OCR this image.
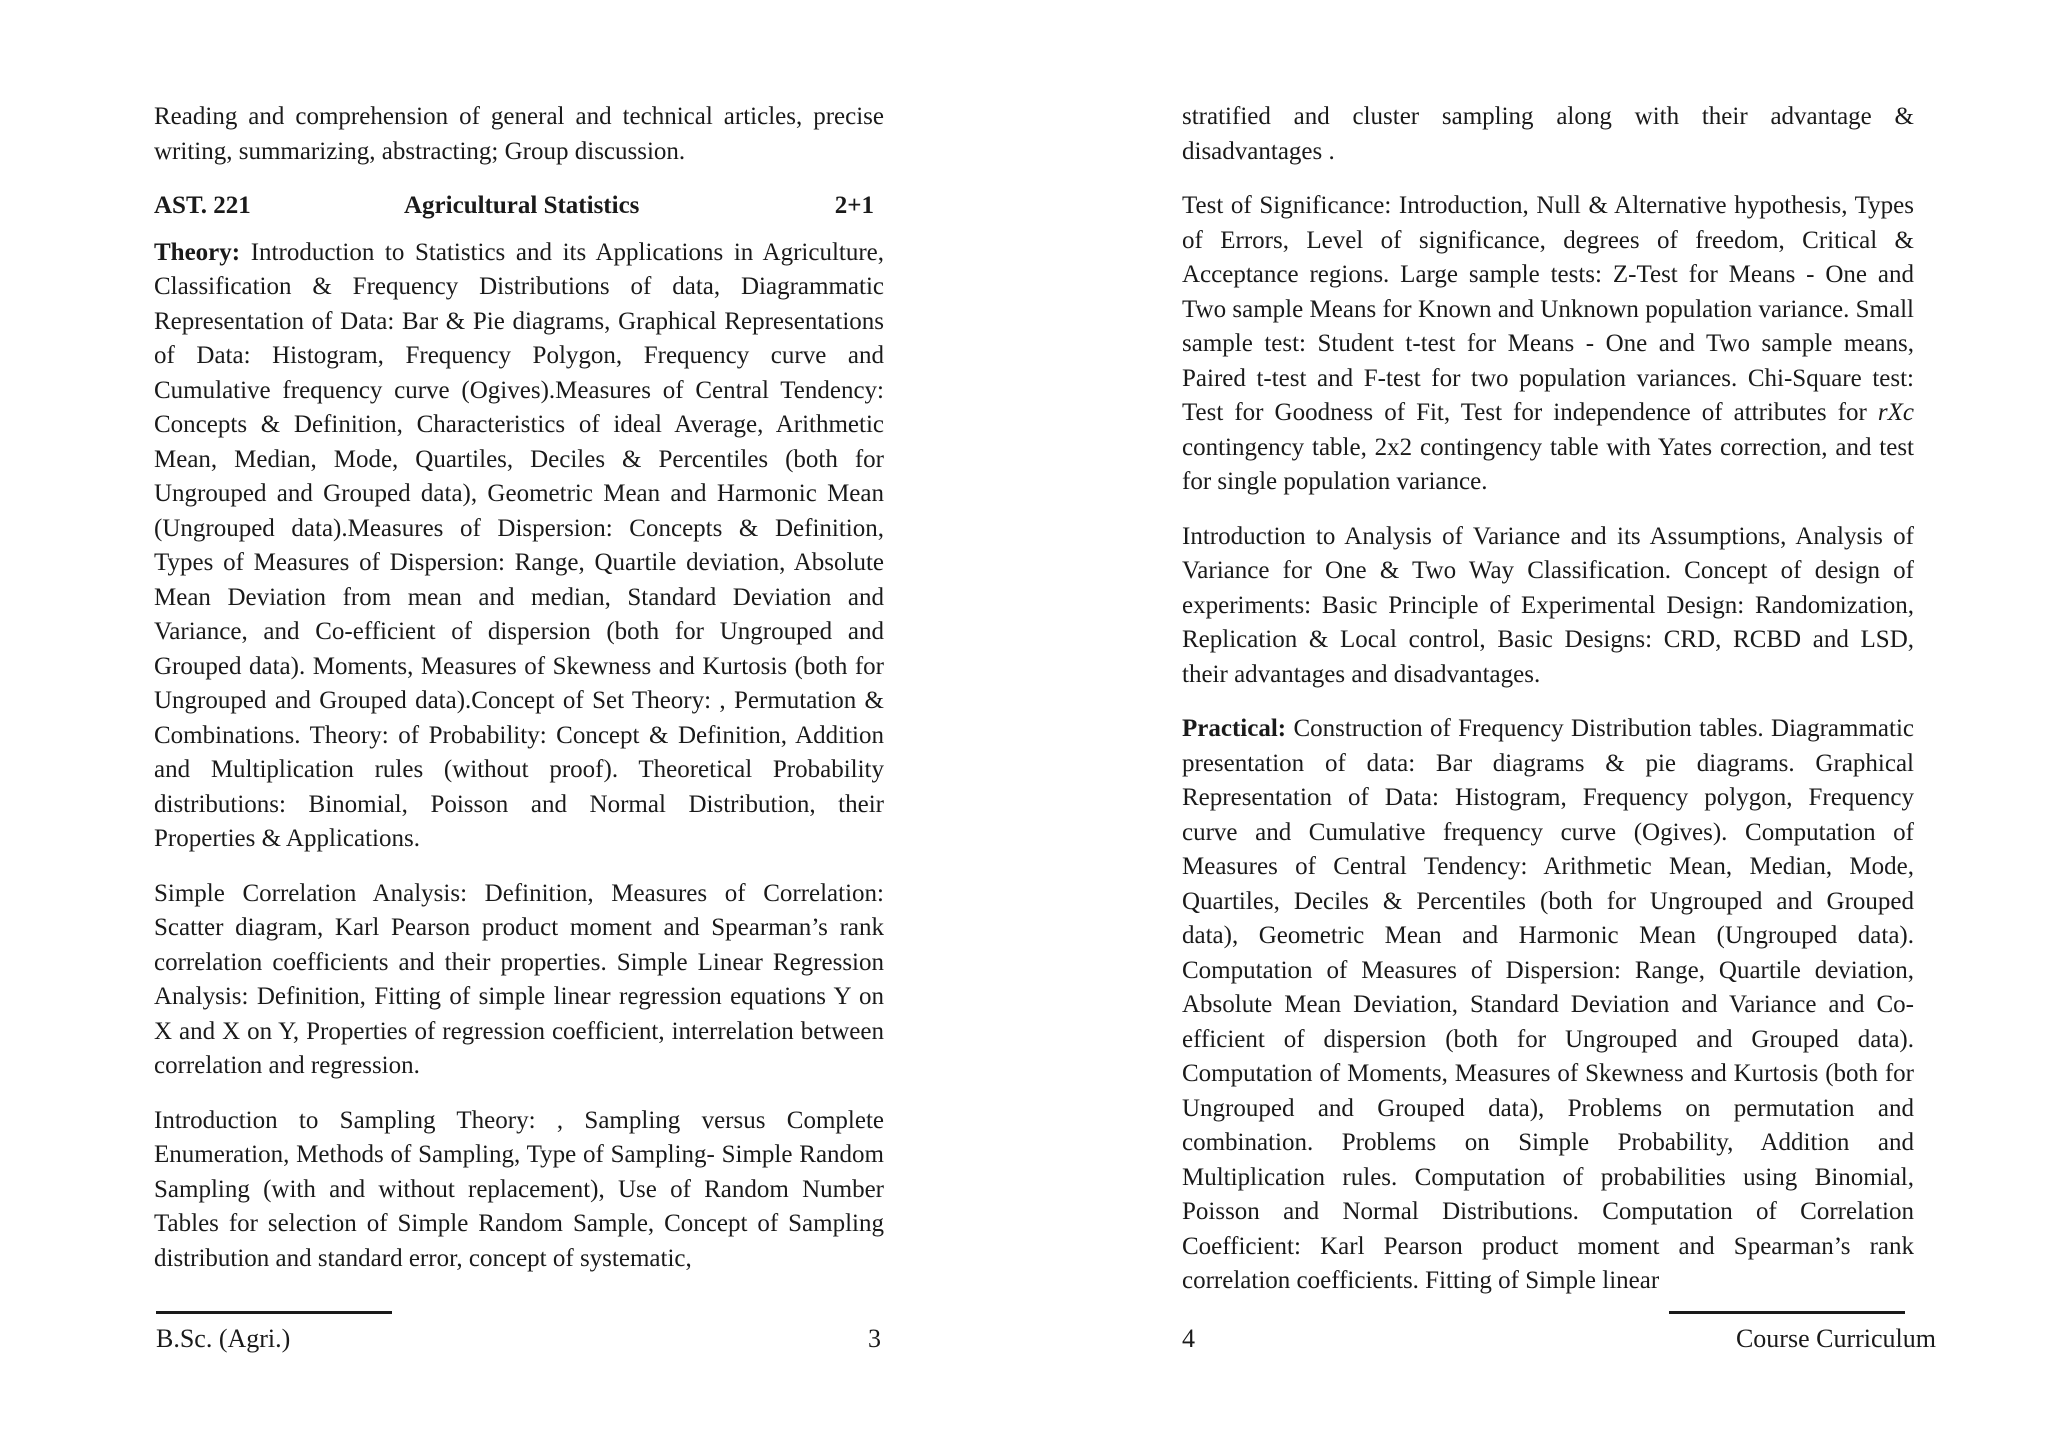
Reading and comprehension of general and technical articles, precise writing, summarizing, abstracting; Group discussion.

AST. 221	Agricultural Statistics	2+1

Theory: Introduction to Statistics and its Applications in Agriculture, Classification & Frequency Distributions of data, Diagrammatic Representation of Data: Bar & Pie diagrams, Graphical Representations of Data: Histogram, Frequency Polygon, Frequency curve and Cumulative frequency curve (Ogives).Measures of Central Tendency: Concepts & Definition, Characteristics of ideal Average, Arithmetic Mean, Median, Mode, Quartiles, Deciles & Percentiles (both for Ungrouped and Grouped data), Geometric Mean and Harmonic Mean (Ungrouped data).Measures of Dispersion: Concepts & Definition, Types of Measures of Dispersion: Range, Quartile deviation, Absolute Mean Deviation from mean and median, Standard Deviation and Variance, and Co-efficient of dispersion (both for Ungrouped and Grouped data). Moments, Measures of Skewness and Kurtosis (both for Ungrouped and Grouped data).Concept of Set Theory: , Permutation & Combinations. Theory: of Probability: Concept & Definition, Addition and Multiplication rules (without proof). Theoretical Probability distributions: Binomial, Poisson and Normal Distribution, their Properties & Applications.

Simple Correlation Analysis: Definition, Measures of Correlation: Scatter diagram, Karl Pearson product moment and Spearman’s rank correlation coefficients and their properties. Simple Linear Regression Analysis: Definition, Fitting of simple linear regression equations Y on X and X on Y, Properties of regression coefficient, interrelation between correlation and regression.

Introduction to Sampling Theory: , Sampling versus Complete Enumeration, Methods of Sampling, Type of Sampling- Simple Random Sampling (with and without replacement), Use of Random Number Tables for selection of Simple Random Sample, Concept of Sampling distribution and standard error, concept of systematic,

B.Sc. (Agri.)	3

stratified and cluster sampling along with their advantage & disadvantages .

Test of Significance: Introduction, Null & Alternative hypothesis, Types of Errors, Level of significance, degrees of freedom, Critical & Acceptance regions. Large sample tests: Z-Test for Means - One and Two sample Means for Known and Unknown population variance. Small sample test: Student t-test for Means - One and Two sample means, Paired t-test and F-test for two population variances. Chi-Square test: Test for Goodness of Fit, Test for independence of attributes for rXc contingency table, 2x2 contingency table with Yates correction, and test for single population variance.

Introduction to Analysis of Variance and its Assumptions, Analysis of Variance for One & Two Way Classification. Concept of design of experiments: Basic Principle of Experimental Design: Randomization, Replication & Local control, Basic Designs: CRD, RCBD and LSD, their advantages and disadvantages.

Practical: Construction of Frequency Distribution tables. Diagrammatic presentation of data: Bar diagrams & pie diagrams. Graphical Representation of Data: Histogram, Frequency polygon, Frequency curve and Cumulative frequency curve (Ogives). Computation of Measures of Central Tendency: Arithmetic Mean, Median, Mode, Quartiles, Deciles & Percentiles (both for Ungrouped and Grouped data), Geometric Mean and Harmonic Mean (Ungrouped data). Computation of Measures of Dispersion: Range, Quartile deviation, Absolute Mean Deviation, Standard Deviation and Variance and Co-efficient of dispersion (both for Ungrouped and Grouped data). Computation of Moments, Measures of Skewness and Kurtosis (both for Ungrouped and Grouped data), Problems on permutation and combination. Problems on Simple Probability, Addition and Multiplication rules. Computation of probabilities using Binomial, Poisson and Normal Distributions. Computation of Correlation Coefficient: Karl Pearson product moment and Spearman’s rank correlation coefficients. Fitting of Simple linear

4	Course Curriculum
